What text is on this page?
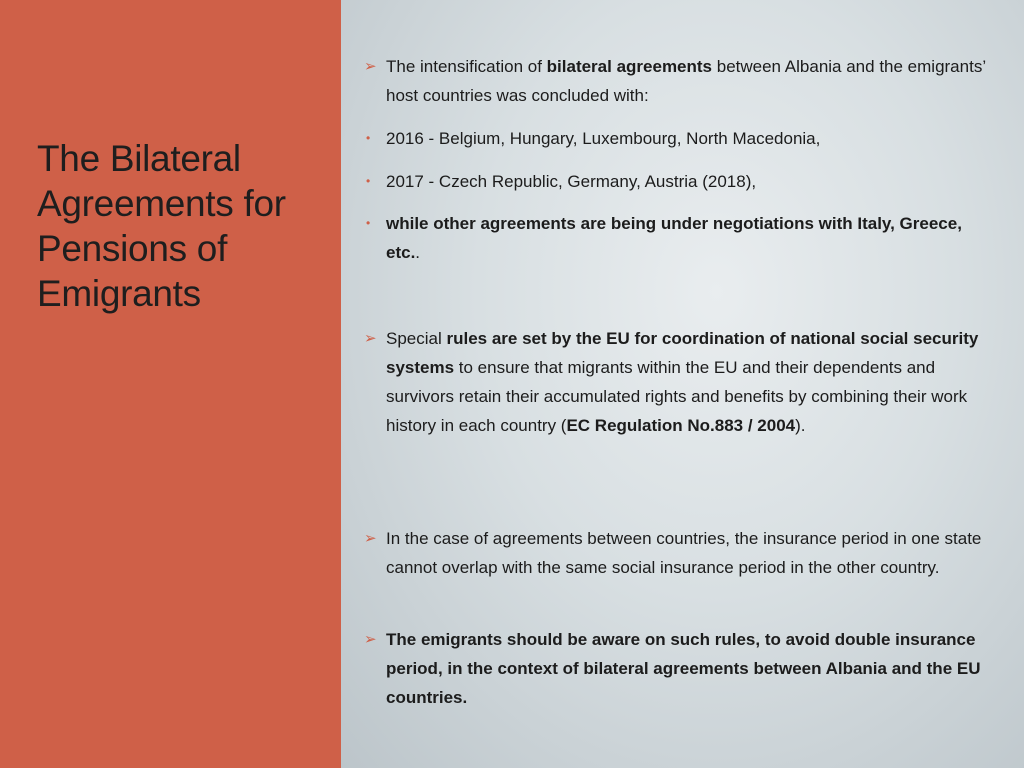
The Bilateral Agreements for Pensions of Emigrants
➢ The intensification of bilateral agreements between Albania and the emigrants’ host countries was concluded with:
• 2016 - Belgium, Hungary, Luxembourg, North Macedonia,
• 2017 - Czech Republic, Germany, Austria (2018),
• while other agreements are being under negotiations with Italy, Greece, etc..
➢ Special rules are set by the EU for coordination of national social security systems to ensure that migrants within the EU and their dependents and survivors retain their accumulated rights and benefits by combining their work history in each country (EC Regulation No.883 / 2004).
➢ In the case of agreements between countries, the insurance period in one state cannot overlap with the same social insurance period in the other country.
➢ The emigrants should be aware on such rules, to avoid double insurance period, in the context of bilateral agreements between Albania and the EU countries.
